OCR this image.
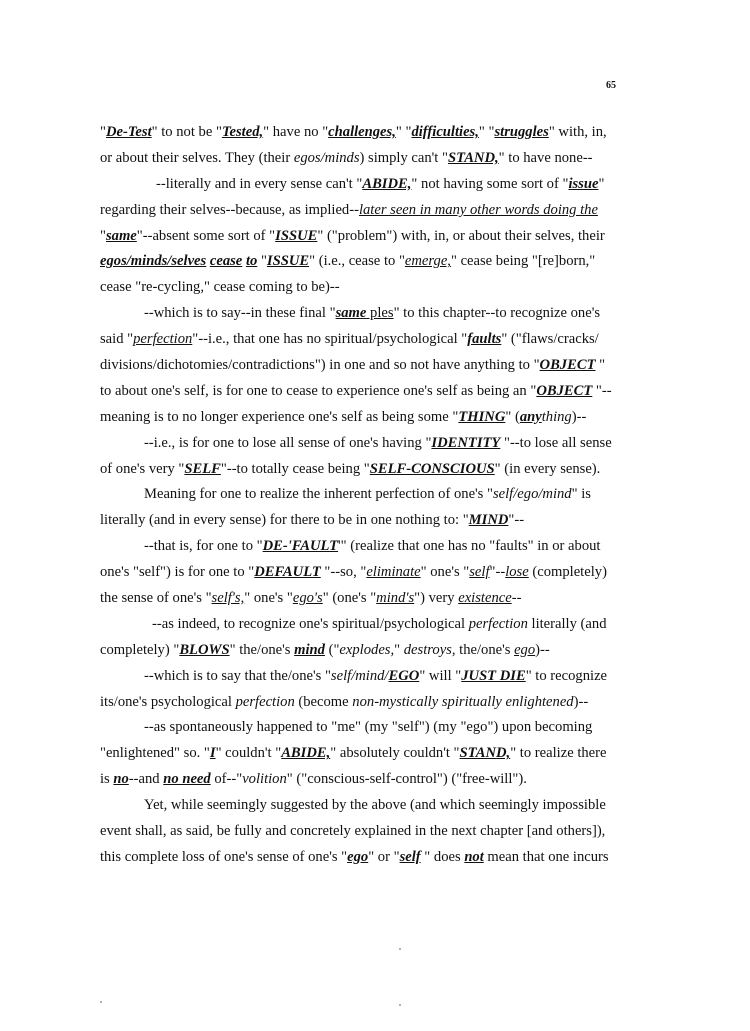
65
"De-Test" to not be "Tested," have no "challenges," "difficulties," "struggles" with, in,
or about their selves. They (their egos/minds) simply can't "STAND," to have none--
--literally and in every sense can't "ABIDE," not having some sort of "issue"
regarding their selves--because, as implied--later seen in many other words doing the
"same"--absent some sort of "ISSUE" ("problem") with, in, or about their selves, their
egos/minds/selves cease to "ISSUE" (i.e., cease to "emerge," cease being "[re]born,"
cease "re-cycling," cease coming to be)--
--which is to say--in these final "same ples" to this chapter--to recognize one's
said "perfection"--i.e., that one has no spiritual/psychological "faults" ("flaws/cracks/
divisions/dichotomies/contradictions") in one and so not have anything to "OBJECT "
to about one's self, is for one to cease to experience one's self as being an "OBJECT "--
meaning is to no longer experience one's self as being some "THING" (anything)--
--i.e., is for one to lose all sense of one's having "IDENTITY "--to lose all sense
of one's very "SELF"--to totally cease being "SELF-CONSCIOUS" (in every sense).
Meaning for one to realize the inherent perfection of one's "self/ego/mind" is
literally (and in every sense) for there to be in one nothing to: "MIND"--
--that is, for one to "DE-'FAULT'" (realize that one has no "faults" in or about
one's "self") is for one to "DEFAULT "--so, "eliminate" one's "self"--lose (completely)
the sense of one's "self's," one's "ego's" (one's "mind's") very existence--
--as indeed, to recognize one's spiritual/psychological perfection literally (and
completely) "BLOWS" the/one's mind ("explodes," destroys, the/one's ego)--
--which is to say that the/one's "self/mind/EGO" will "JUST DIE" to recognize
its/one's psychological perfection (become non-mystically spiritually enlightened)--
--as spontaneously happened to "me" (my "self") (my "ego") upon becoming
"enlightened" so. "I" couldn't "ABIDE," absolutely couldn't "STAND," to realize there
is no--and no need of--"volition" ("conscious-self-control") ("free-will").
Yet, while seemingly suggested by the above (and which seemingly impossible
event shall, as said, be fully and concretely explained in the next chapter [and others]),
this complete loss of one's sense of one's "ego" or "self " does not mean that one incurs
